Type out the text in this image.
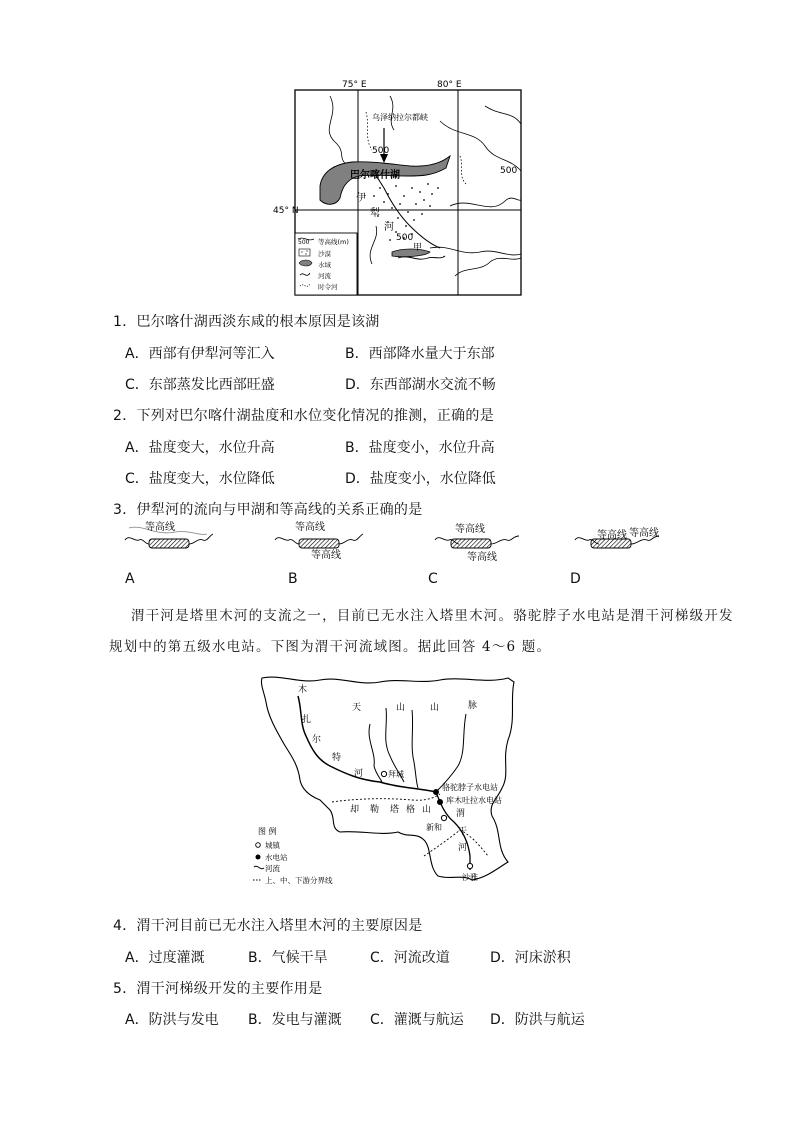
75° E	80° E
45° N
乌泽纳拉尔都峡
巴尔喀什湖
伊
犁
河
甲
500
500
500
500 等高线(m)
沙漠
水域
河流
时令河
1．巴尔喀什湖西淡东咸的根本原因是该湖
A．西部有伊犁河等汇入	B．西部降水量大于东部
C．东部蒸发比西部旺盛	D．东西部湖水交流不畅
2．下列对巴尔喀什湖盐度和水位变化情况的推测，正确的是
A．盐度变大，水位升高	B．盐度变小，水位升高
C．盐度变大，水位降低	D．盐度变小，水位降低
3．伊犁河的流向与甲湖和等高线的关系正确的是
等高线	等高线
等高线
等高线
等高线
等高线 等高线
A	B	C	D
渭干河是塔里木河的支流之一，目前已无水注入塔里木河。骆驼脖子水电站是渭干河梯级开发
规划中的第五级水电站。下图为渭干河流域图。据此回答 4～6 题。
天	山	山	脉
木
扎
尔
特
河	拜城
骆驼脖子水电站
库木吐拉水电站
却 勒 塔 格 山	渭
新和 干
河
沙雅
图 例
城镇
水电站
河流
上、中、下游分界线
4．渭干河目前已无水注入塔里木河的主要原因是
A．过度灌溉	B．气候干旱	C．河流改道	D．河床淤积
5．渭干河梯级开发的主要作用是
A．防洪与发电 B．发电与灌溉 C．灌溉与航运 D．防洪与航运
